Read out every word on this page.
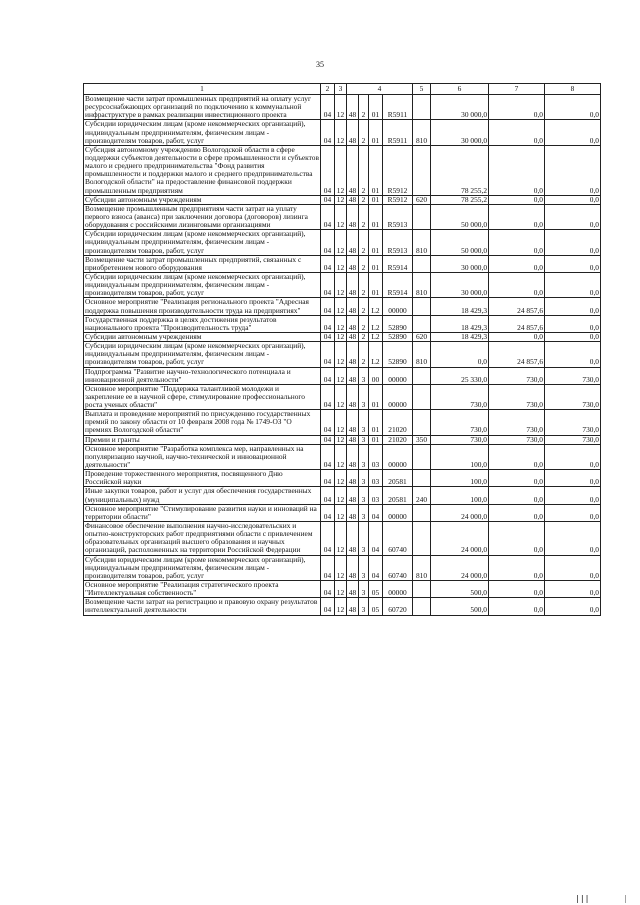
35
1	2	3	4				5	6	7	8
Возмещение части затрат промышленных предприятий на оплату услуг ресурсоснабжающих организаций по подключению к коммунальной инфраструктуре в рамках реализации инвестиционного проекта	04	12	48	2	01	R5911		30 000,0	0,0	0,0
Субсидии юридическим лицам (кроме некоммерческих организаций), индивидуальным предпринимателям, физическим лицам - производителям товаров, работ, услуг	04	12	48	2	01	R5911	810	30 000,0	0,0	0,0
Субсидия автономному учреждению Вологодской области в сфере поддержки субъектов деятельности в сфере промышленности и субъектов малого и среднего предпринимательства "Фонд развития промышленности и поддержки малого и среднего предпринимательства Вологодской области" на предоставление финансовой поддержки промышленным предприятиям	04	12	48	2	01	R5912		78 255,2	0,0	0,0
Субсидии автономным учреждениям	04	12	48	2	01	R5912	620	78 255,2	0,0	0,0
Возмещение промышленным предприятиям части затрат на уплату первого взноса (аванса) при заключении договора (договоров) лизинга оборудования с российскими лизинговыми организациями	04	12	48	2	01	R5913		50 000,0	0,0	0,0
Субсидии юридическим лицам (кроме некоммерческих организаций), индивидуальным предпринимателям, физическим лицам - производителям товаров, работ, услуг	04	12	48	2	01	R5913	810	50 000,0	0,0	0,0
Возмещение части затрат промышленных предприятий, связанных с приобретением нового оборудования	04	12	48	2	01	R5914		30 000,0	0,0	0,0
Субсидии юридическим лицам (кроме некоммерческих организаций), индивидуальным предпринимателям, физическим лицам - производителям товаров, работ, услуг	04	12	48	2	01	R5914	810	30 000,0	0,0	0,0
Основное мероприятие "Реализация регионального проекта "Адресная поддержка повышения производительности труда на предприятиях"	04	12	48	2	L2	00000		18 429,3	24 857,6	0,0
Государственная поддержка в целях достижения результатов национального проекта "Производительность труда"	04	12	48	2	L2	52890		18 429,3	24 857,6	0,0
Субсидии автономным учреждениям	04	12	48	2	L2	52890	620	18 429,3	0,0	0,0
Субсидии юридическим лицам (кроме некоммерческих организаций), индивидуальным предпринимателям, физическим лицам - производителям товаров, работ, услуг	04	12	48	2	L2	52890	810	0,0	24 857,6	0,0
Подпрограмма "Развитие научно-технологического потенциала и инновационной деятельности"	04	12	48	3	00	00000		25 330,0	730,0	730,0
Основное мероприятие "Поддержка талантливой молодежи и закрепление ее в научной сфере, стимулирование профессионального роста ученых области"	04	12	48	3	01	00000		730,0	730,0	730,0
Выплата и проведение мероприятий по присуждению государственных премий по закону области от 10 февраля 2008 года № 1749-ОЗ "О премиях Вологодской области"	04	12	48	3	01	21020		730,0	730,0	730,0
Премии и гранты	04	12	48	3	01	21020	350	730,0	730,0	730,0
Основное мероприятие "Разработка комплекса мер, направленных на популяризацию научной, научно-технической и инновационной деятельности"	04	12	48	3	03	00000		100,0	0,0	0,0
Проведение торжественного мероприятия, посвященного Дню Российской науки	04	12	48	3	03	20581		100,0	0,0	0,0
Иные закупки товаров, работ и услуг для обеспечения государственных (муниципальных) нужд	04	12	48	3	03	20581	240	100,0	0,0	0,0
Основное мероприятие "Стимулирование развития науки и инноваций на территории области"	04	12	48	3	04	00000		24 000,0	0,0	0,0
Финансовое обеспечение выполнения научно-исследовательских и опытно-конструкторских работ предприятиями области с привлечением образовательных организаций высшего образования и научных организаций, расположенных на территории Российской Федерации	04	12	48	3	04	60740		24 000,0	0,0	0,0
Субсидии юридическим лицам (кроме некоммерческих организаций), индивидуальным предпринимателям, физическим лицам - производителям товаров, работ, услуг	04	12	48	3	04	60740	810	24 000,0	0,0	0,0
Основное мероприятие "Реализация стратегического проекта "Интеллектуальная собственность"	04	12	48	3	05	00000		500,0	0,0	0,0
Возмещение части затрат на регистрацию и правовую охрану результатов интеллектуальной деятельности	04	12	48	3	05	60720		500,0	0,0	0,0
|||	|
